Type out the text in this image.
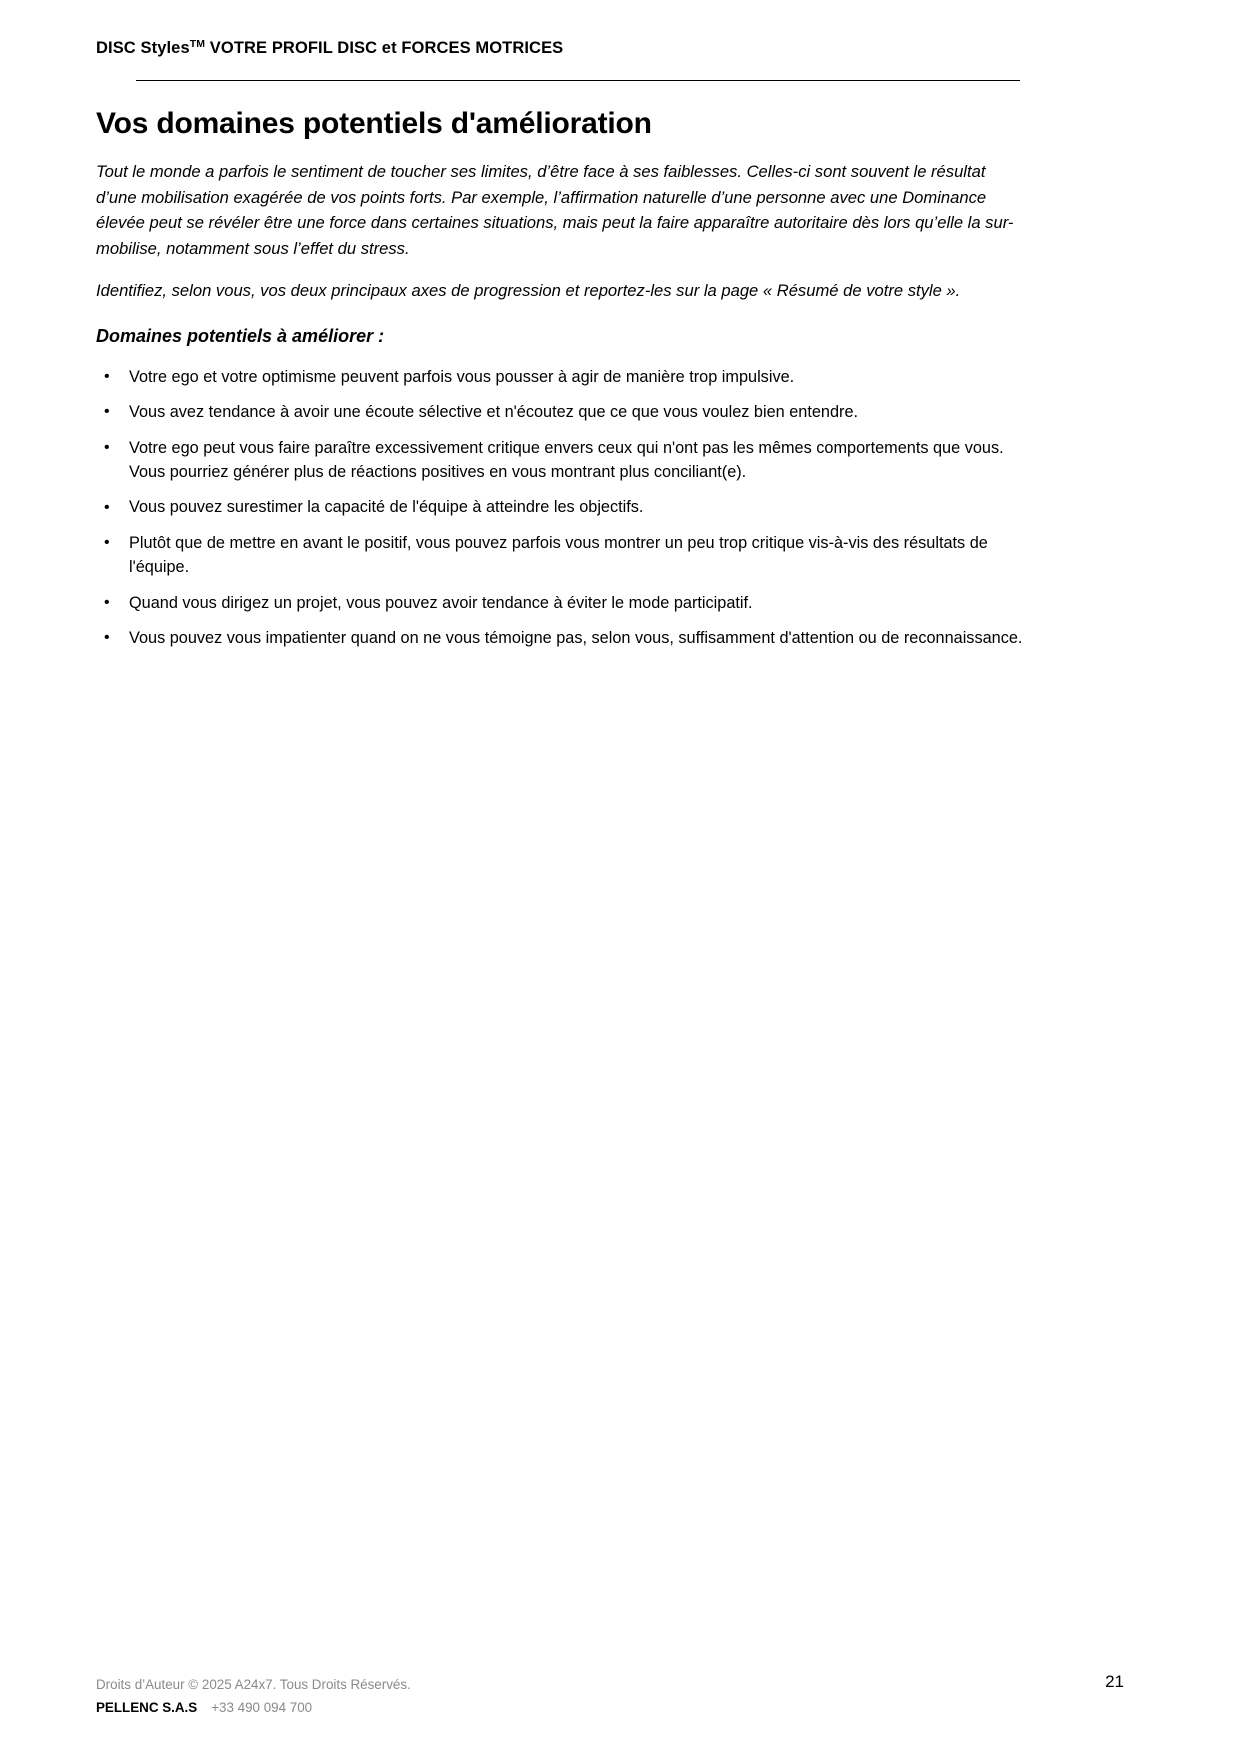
DISC Styles™ VOTRE PROFIL DISC et FORCES MOTRICES
Vos domaines potentiels d'amélioration

Tout le monde a parfois le sentiment de toucher ses limites, d’être face à ses faiblesses. Celles-ci sont souvent le résultat d’une mobilisation exagérée de vos points forts. Par exemple, l’affirmation naturelle d’une personne avec une Dominance élevée peut se révéler être une force dans certaines situations, mais peut la faire apparaître autoritaire dès lors qu’elle la sur-mobilise, notamment sous l’effet du stress.

Identifiez, selon vous, vos deux principaux axes de progression et reportez-les sur la page « Résumé de votre style ».

Domaines potentiels à améliorer :
• Votre ego et votre optimisme peuvent parfois vous pousser à agir de manière trop impulsive.
• Vous avez tendance à avoir une écoute sélective et n'écoutez que ce que vous voulez bien entendre.
• Votre ego peut vous faire paraître excessivement critique envers ceux qui n'ont pas les mêmes comportements que vous. Vous pourriez générer plus de réactions positives en vous montrant plus conciliant(e).
• Vous pouvez surestimer la capacité de l'équipe à atteindre les objectifs.
• Plutôt que de mettre en avant le positif, vous pouvez parfois vous montrer un peu trop critique vis-à-vis des résultats de l'équipe.
• Quand vous dirigez un projet, vous pouvez avoir tendance à éviter le mode participatif.
• Vous pouvez vous impatienter quand on ne vous témoigne pas, selon vous, suffisamment d'attention ou de reconnaissance.
Droits d’Auteur © 2025 A24x7. Tous Droits Réservés.
PELLENC S.A.S +33 490 094 700
21
